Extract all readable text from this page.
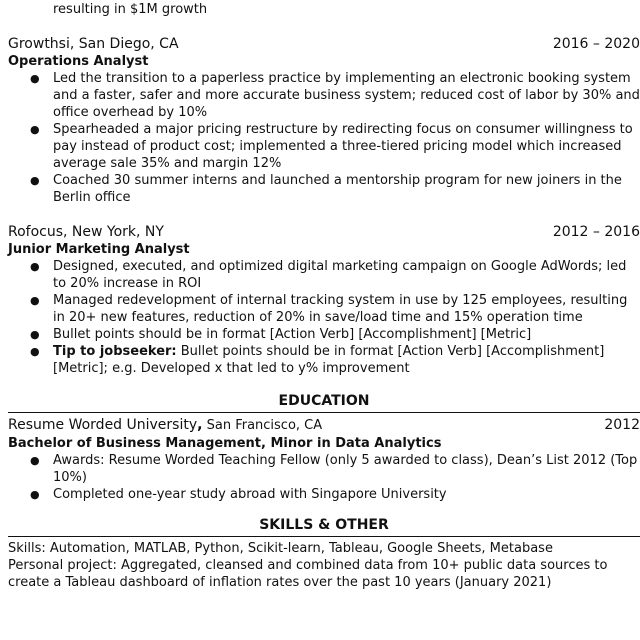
resulting in $1M growth
Growthsi, San Diego, CA	2016 – 2020
Operations Analyst
● Led the transition to a paperless practice by implementing an electronic booking system and a faster, safer and more accurate business system; reduced cost of labor by 30% and office overhead by 10%
● Spearheaded a major pricing restructure by redirecting focus on consumer willingness to pay instead of product cost; implemented a three-tiered pricing model which increased average sale 35% and margin 12%
● Coached 30 summer interns and launched a mentorship program for new joiners in the Berlin office
Rofocus, New York, NY	2012 – 2016
Junior Marketing Analyst
● Designed, executed, and optimized digital marketing campaign on Google AdWords; led to 20% increase in ROI
● Managed redevelopment of internal tracking system in use by 125 employees, resulting in 20+ new features, reduction of 20% in save/load time and 15% operation time
● Bullet points should be in format [Action Verb] [Accomplishment] [Metric]
● Tip to jobseeker: Bullet points should be in format [Action Verb] [Accomplishment] [Metric]; e.g. Developed x that led to y% improvement
EDUCATION
Resume Worded University, San Francisco, CA	2012
Bachelor of Business Management, Minor in Data Analytics
● Awards: Resume Worded Teaching Fellow (only 5 awarded to class), Dean’s List 2012 (Top 10%)
● Completed one-year study abroad with Singapore University
SKILLS & OTHER
Skills: Automation, MATLAB, Python, Scikit-learn, Tableau, Google Sheets, Metabase
Personal project: Aggregated, cleansed and combined data from 10+ public data sources to create a Tableau dashboard of inflation rates over the past 10 years (January 2021)
